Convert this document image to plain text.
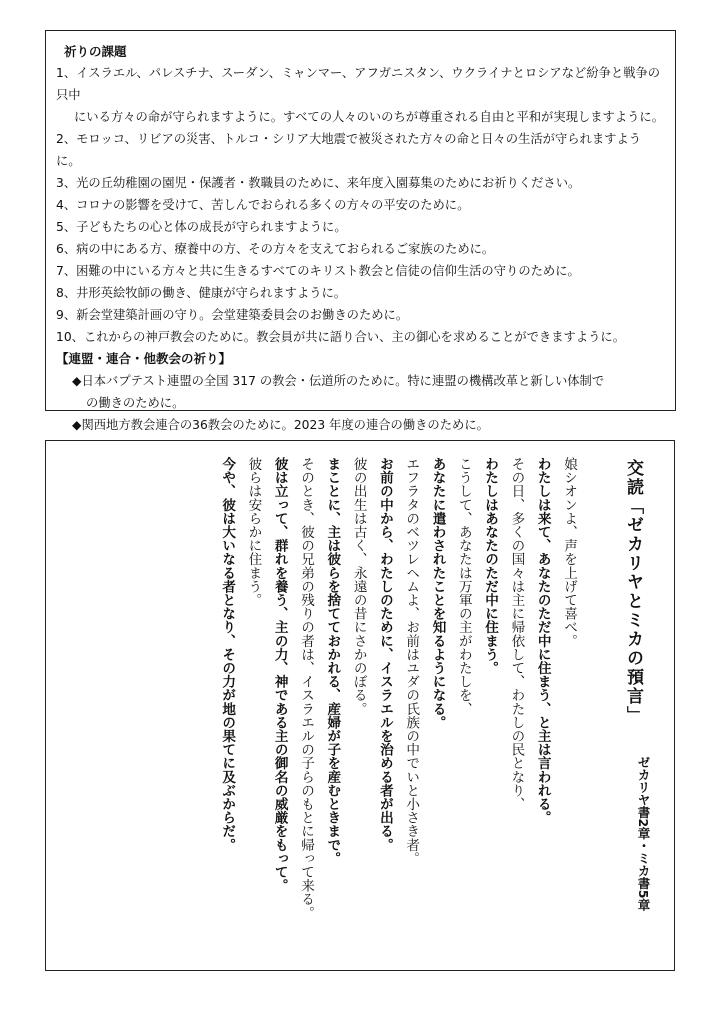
祈りの課題
1、イスラエル、パレスチナ、スーダン、ミャンマー、アフガニスタン、ウクライナとロシアなど紛争と戦争の只中
にいる方々の命が守られますように。すべての人々のいのちが尊重される自由と平和が実現しますように。
2、モロッコ、リビアの災害、トルコ・シリア大地震で被災された方々の命と日々の生活が守られますように。
3、光の丘幼稚園の園児・保護者・教職員のために、来年度入園募集のためにお祈りください。
4、コロナの影響を受けて、苦しんでおられる多くの方々の平安のために。
5、子どもたちの心と体の成長が守られますように。
6、病の中にある方、療養中の方、その方々を支えておられるご家族のために。
7、困難の中にいる方々と共に生きるすべてのキリスト教会と信徒の信仰生活の守りのために。
8、井形英絵牧師の働き、健康が守られますように。
9、新会堂建築計画の守り。会堂建築委員会のお働きのために。
10、これからの神戸教会のために。教会員が共に語り合い、主の御心を求めることができますように。
【連盟・連合・他教会の祈り】
◆日本バプテスト連盟の全国 317 の教会・伝道所のために。特に連盟の機構改革と新しい体制で
の働きのために。
◆関西地方教会連合の36教会のために。2023 年度の連合の働きのために。
交読「ゼカリヤとミカの預言」
ゼカリヤ書2章・ミカ書5章
娘シオンよ、声を上げて喜べ。
わたしは来て、あなたのただ中に住まう、と主は言われる。
その日、多くの国々は主に帰依して、わたしの民となり、
わたしはあなたのただ中に住まう。
こうして、あなたは万軍の主がわたしを、
あなたに遣わされたことを知るようになる。
エフラタのベツレヘムよ、お前はユダの氏族の中でいと小さき者。
お前の中から、わたしのために、イスラエルを治める者が出る。
彼の出生は古く、永遠の昔にさかのぼる。
まことに、主は彼らを捨てておかれる、産婦が子を産むときまで。
そのとき、彼の兄弟の残りの者は、イスラエルの子らのもとに帰って来る。
彼は立って、群れを養う、主の力、神である主の御名の威厳をもって。
彼らは安らかに住まう。
今や、彼は大いなる者となり、その力が地の果てに及ぶからだ。
